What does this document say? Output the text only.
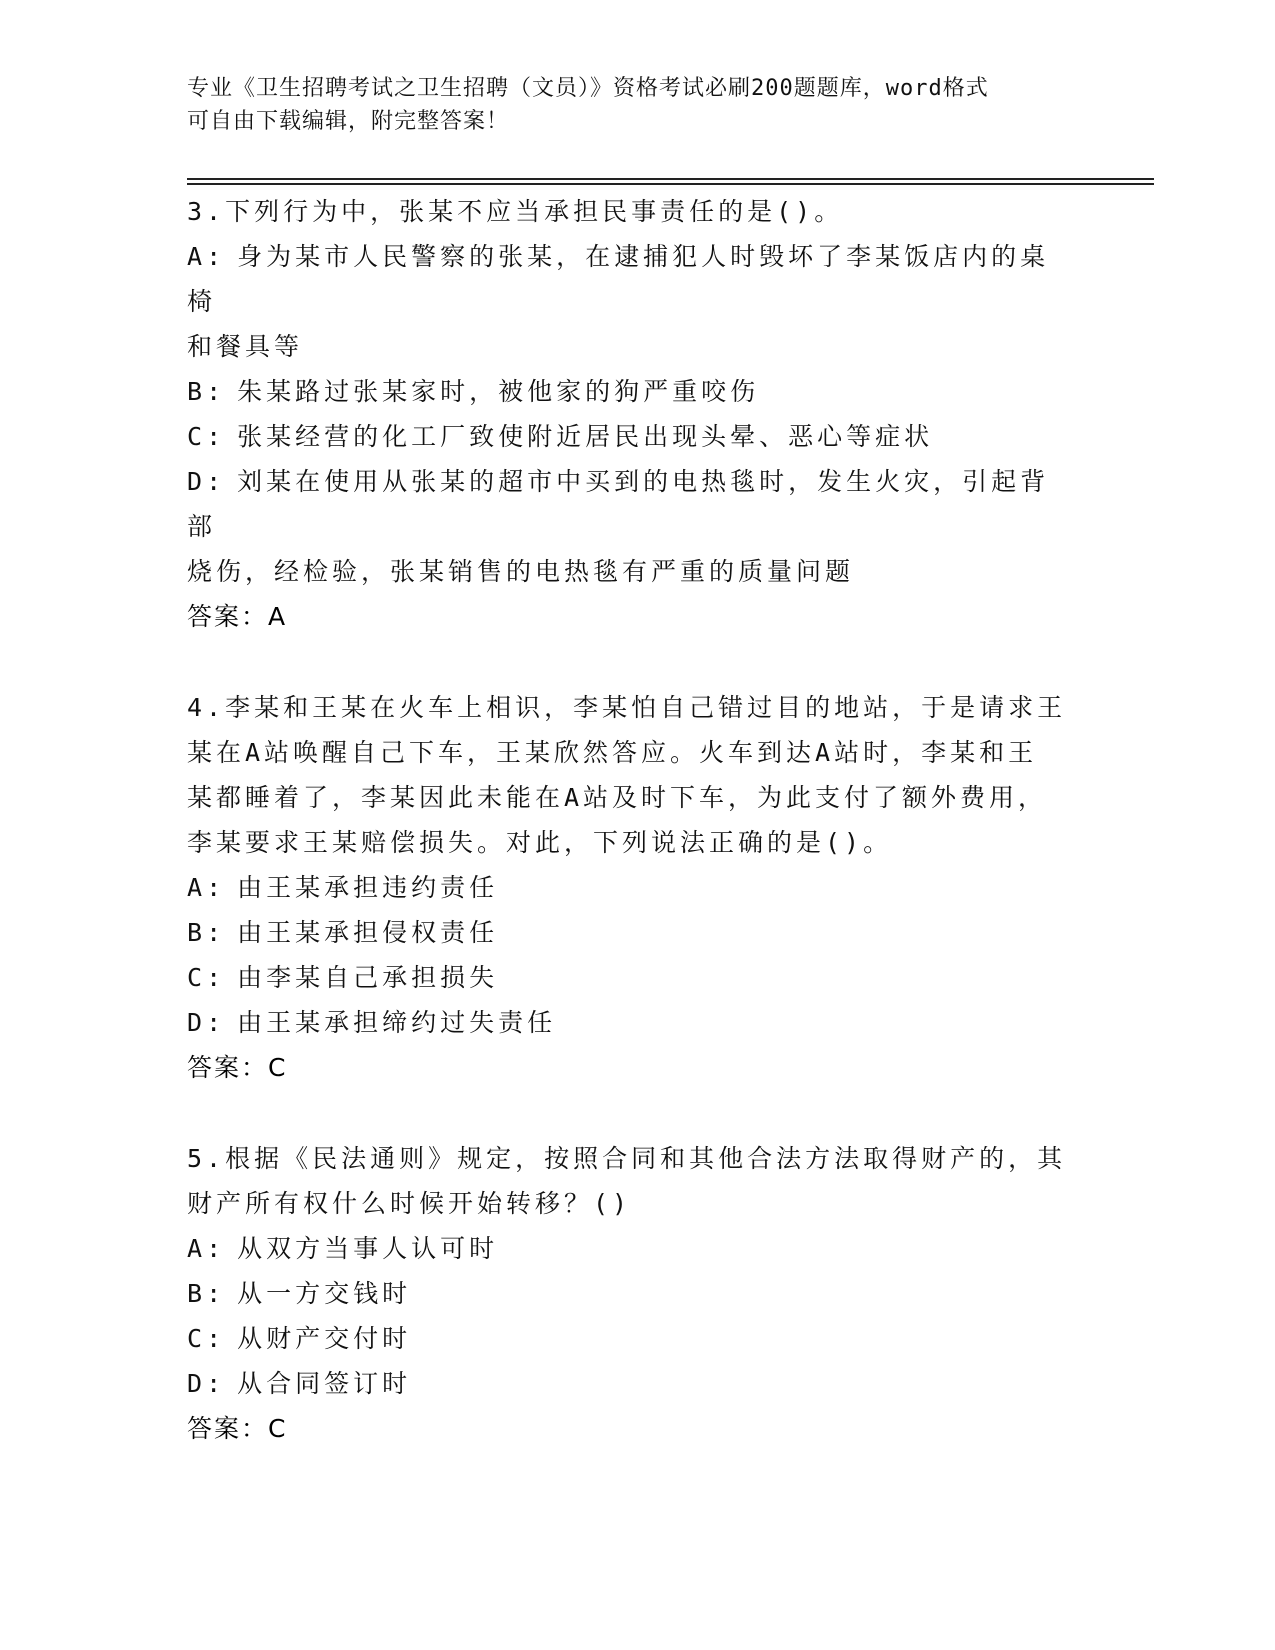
专业《卫生招聘考试之卫生招聘（文员）》资格考试必刷200题题库，word格式
可自由下载编辑，附完整答案！
3.下列行为中，张某不应当承担民事责任的是()。
A: 身为某市人民警察的张某，在逮捕犯人时毁坏了李某饭店内的桌椅
和餐具等
B: 朱某路过张某家时，被他家的狗严重咬伤
C: 张某经营的化工厂致使附近居民出现头晕、恶心等症状
D: 刘某在使用从张某的超市中买到的电热毯时，发生火灾，引起背部
烧伤，经检验，张某销售的电热毯有严重的质量问题
答案：A
4.李某和王某在火车上相识，李某怕自己错过目的地站，于是请求王
某在A站唤醒自己下车，王某欣然答应。火车到达A站时，李某和王
某都睡着了，李某因此未能在A站及时下车，为此支付了额外费用，
李某要求王某赔偿损失。对此，下列说法正确的是()。
A: 由王某承担违约责任
B: 由王某承担侵权责任
C: 由李某自己承担损失
D: 由王某承担缔约过失责任
答案：C
5.根据《民法通则》规定，按照合同和其他合法方法取得财产的，其
财产所有权什么时候开始转移？()
A: 从双方当事人认可时
B: 从一方交钱时
C: 从财产交付时
D: 从合同签订时
答案：C
